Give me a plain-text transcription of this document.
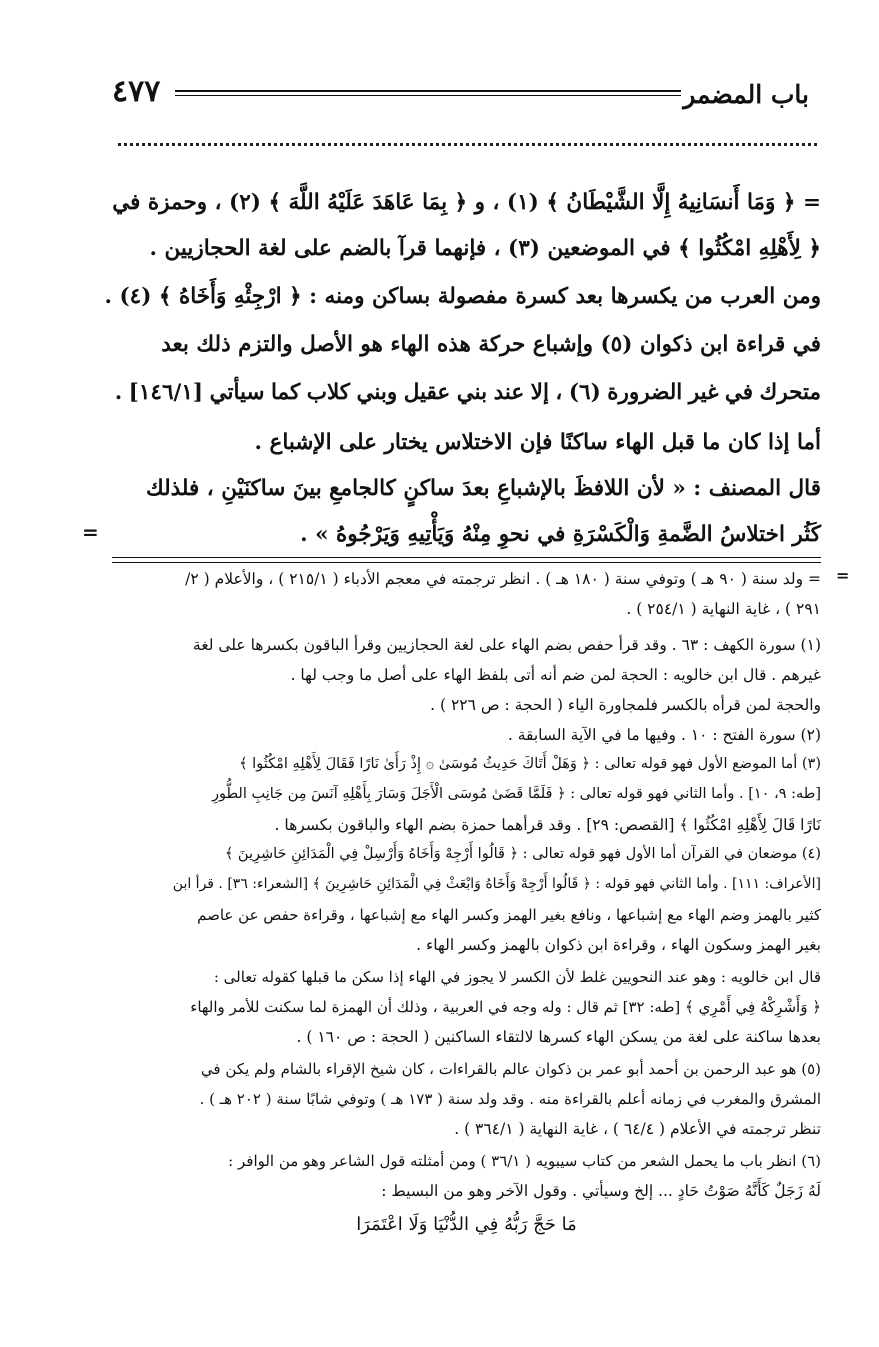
باب المضمر
٤٧٧
= ﴿ وَمَا أَنسَانِيهُ إِلَّا الشَّيْطَانُ ﴾ (١) ، و ﴿ بِمَا عَاهَدَ عَلَيْهُ اللَّهَ ﴾ (٢) ، وحمزة في
﴿ لِأَهْلِهِ امْكُثُوا ﴾ في الموضعين (٣) ، فإنهما قرآ بالضم على لغة الحجازيين .
ومن العرب من يكسرها بعد كسرة مفصولة بساكن ومنه : ﴿ ارْجِئْهِ وَأَخَاهُ ﴾ (٤) .
في قراءة ابن ذكوان (٥) وإشباع حركة هذه الهاء هو الأصل والتزم ذلك بعد
متحرك في غير الضرورة (٦) ، إلا عند بني عقيل وبني كلاب كما سيأتي [١٤٦/١] .
أما إذا كان ما قبل الهاء ساكنًا فإن الاختلاس يختار على الإشباع .
قال المصنف : « لأن اللافظَ بالإشباعِ بعدَ ساكنٍ كالجامعِ بينَ ساكنَيْنِ ، فلذلك
كَثُر اختلاسُ الضَّمةِ وَالْكَسْرَةِ في نحوِ مِنْهُ وَيَأْتِيهِ وَيَرْجُوهُ » .
=
= ولد سنة ( ٩٠ هـ ) وتوفي سنة ( ١٨٠ هـ ) . انظر ترجمته في معجم الأدباء ( ٢١٥/١ ) ، والأعلام ( ٢/
٢٩١ ) ، غاية النهاية ( ٢٥٤/١ ) .
(١) سورة الكهف : ٦٣ . وقد قرأ حفص بضم الهاء على لغة الحجازيين وقرأ الباقون بكسرها على لغة
غيرهم . قال ابن خالويه : الحجة لمن ضم أنه أتى بلفظ الهاء على أصل ما وجب لها .
والحجة لمن قرأه بالكسر فلمجاورة الياء ( الحجة : ص ٢٢٦ ) .
(٢) سورة الفتح : ١٠ . وفيها ما في الآية السابقة .
(٣) أما الموضع الأول فهو قوله تعالى : ﴿ وَهَلْ أَتَاكَ حَدِيثُ مُوسَىٰ ۞ إِذْ رَأَىٰ نَارًا فَقَالَ لِأَهْلِهِ امْكُثُوا ﴾
[طه: ٩، ١٠] . وأما الثاني فهو قوله تعالى : ﴿ فَلَمَّا قَضَىٰ مُوسَى الْأَجَلَ وَسَارَ بِأَهْلِهِ آنَسَ مِن جَانِبِ الطُّورِ
نَارًا قَالَ لِأَهْلِهِ امْكُثُوا ﴾ [القصص: ٢٩] . وقد قرأهما حمزة بضم الهاء والباقون بكسرها .
(٤) موضعان في القرآن أما الأول فهو قوله تعالى : ﴿ قَالُوا أَرْجِهْ وَأَخَاهُ وَأَرْسِلْ فِي الْمَدَائِنِ حَاشِرِينَ ﴾
[الأعراف: ١١١] . وأما الثاني فهو قوله : ﴿ قَالُوا أَرْجِهْ وَأَخَاهُ وَابْعَثْ فِي الْمَدَائِنِ حَاشِرِينَ ﴾ [الشعراء: ٣٦] . قرأ ابن
كثير بالهمز وضم الهاء مع إشباعها ، ونافع بغير الهمز وكسر الهاء مع إشباعها ، وقراءة حفص عن عاصم
بغير الهمز وسكون الهاء ، وقراءة ابن ذكوان بالهمز وكسر الهاء .
قال ابن خالويه : وهو عند النحويين غلط لأن الكسر لا يجوز في الهاء إذا سكن ما قبلها كقوله تعالى :
﴿ وَأَشْرِكْهُ فِي أَمْرِي ﴾ [طه: ٣٢] ثم قال : وله وجه في العربية ، وذلك أن الهمزة لما سكنت للأمر والهاء
بعدها ساكنة على لغة من يسكن الهاء كسرها لالتقاء الساكنين ( الحجة : ص ١٦٠ ) .
(٥) هو عبد الرحمن بن أحمد أبو عمر بن ذكوان عالم بالقراءات ، كان شيخ الإقراء بالشام ولم يكن في
المشرق والمغرب في زمانه أعلم بالقراءة منه . وقد ولد سنة ( ١٧٣ هـ ) وتوفي شابًا سنة ( ٢٠٢ هـ ) .
تنظر ترجمته في الأعلام ( ٦٤/٤ ) ، غاية النهاية ( ٣٦٤/١ ) .
(٦) انظر باب ما يحمل الشعر من كتاب سيبويه ( ٣٦/١ ) ومن أمثلته قول الشاعر وهو من الوافر :
لَهُ زَجَلٌ كَأَنَّهُ صَوْتُ حَادٍ ... إلخ وسيأتي . وقول الآخر وهو من البسيط :
مَا حَجَّ رَبُّهُ فِي الدُّنْيَا وَلَا اعْتَمَرَا
=
